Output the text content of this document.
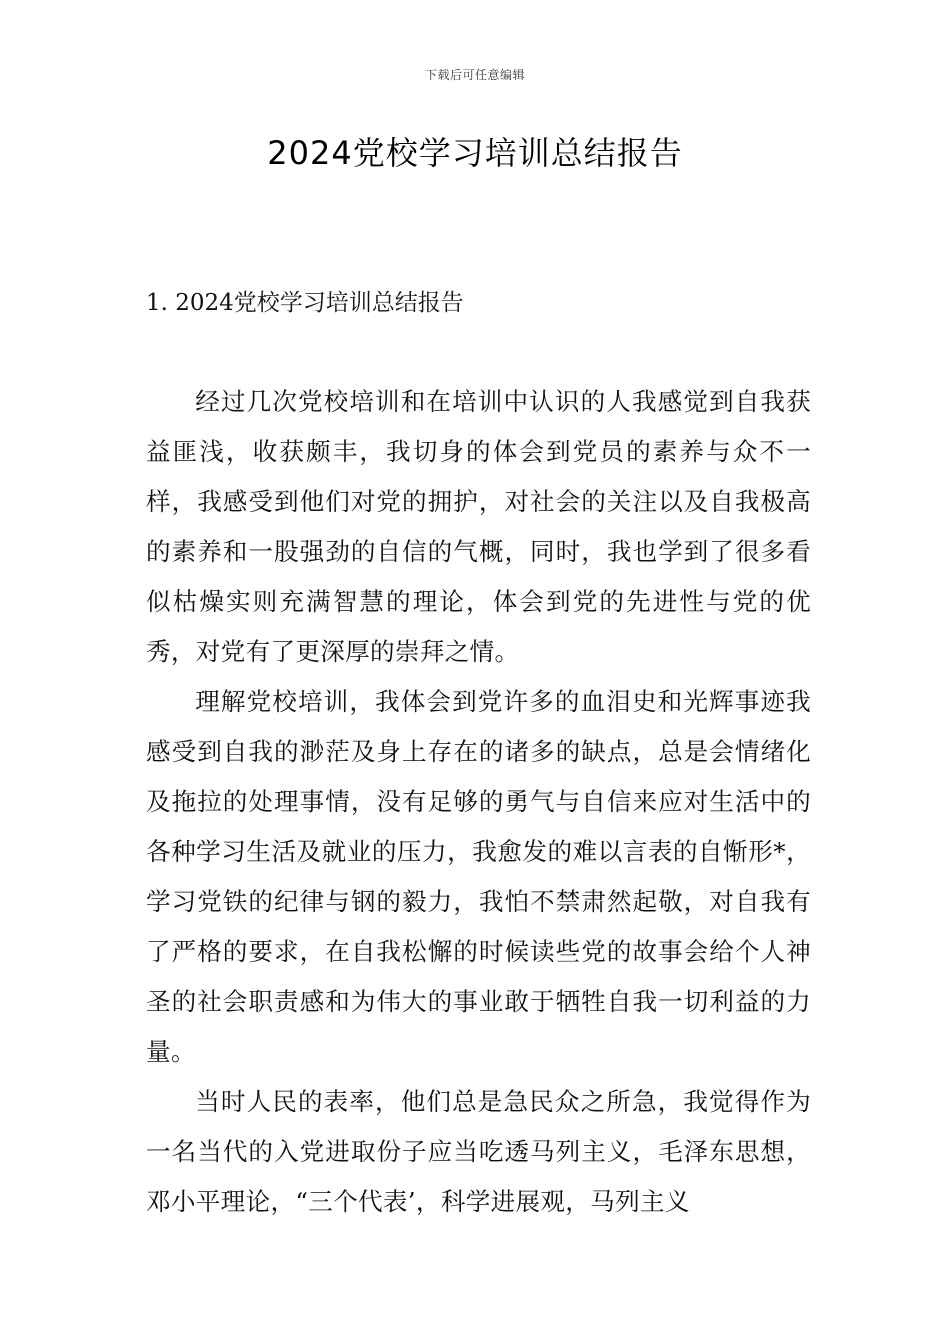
下载后可任意编辑
2024党校学习培训总结报告
1. 2024党校学习培训总结报告

经过几次党校培训和在培训中认识的人我感觉到自我获益匪浅，收获颇丰，我切身的体会到党员的素养与众不一样，我感受到他们对党的拥护，对社会的关注以及自我极高的素养和一股强劲的自信的气概，同时，我也学到了很多看似枯燥实则充满智慧的理论，体会到党的先进性与党的优秀，对党有了更深厚的崇拜之情。

理解党校培训，我体会到党许多的血泪史和光辉事迹我感受到自我的渺茫及身上存在的诸多的缺点，总是会情绪化及拖拉的处理事情，没有足够的勇气与自信来应对生活中的各种学习生活及就业的压力，我愈发的难以言表的自惭形*，学习党铁的纪律与钢的毅力，我怕不禁肃然起敬，对自我有了严格的要求，在自我松懈的时候读些党的故事会给个人神圣的社会职责感和为伟大的事业敢于牺牲自我一切利益的力量。

当时人民的表率，他们总是急民众之所急，我觉得作为一名当代的入党进取份子应当吃透马列主义，毛泽东思想，邓小平理论，“三个代表’，科学进展观，马列主义
